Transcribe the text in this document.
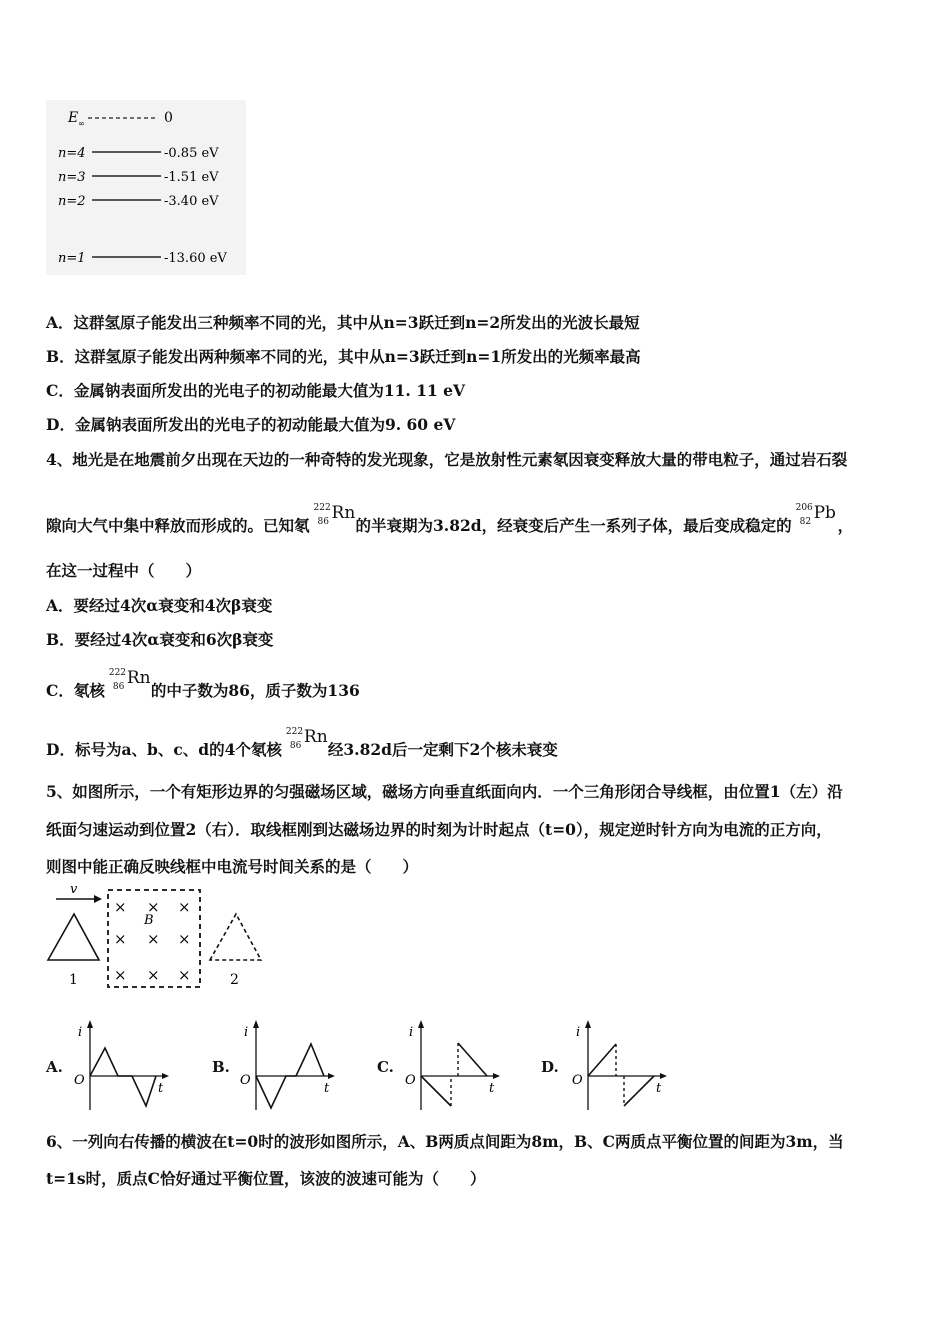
E ∞	0
n=4	-0.85 eV
n=3	-1.51 eV
n=2	-3.40 eV
n=1	-13.60 eV
A．这群氢原子能发出三种频率不同的光，其中从n=3跃迁到n=2所发出的光波长最短
B．这群氢原子能发出两种频率不同的光，其中从n=3跃迁到n=1所发出的光频率最高
C．金属钠表面所发出的光电子的初动能最大值为11. 11 eV
D．金属钠表面所发出的光电子的初动能最大值为9. 60 eV
4、地光是在地震前夕出现在天边的一种奇特的发光现象，它是放射性元素氡因衰变释放大量的带电粒子，通过岩石裂
隙向大气中集中释放而形成的。已知氡
222
86 Rn
的半衰期为3.82d，经衰变后产生一系列子体，最后变成稳定的
206
82 Pb
，
在这一过程中（　　）
A．要经过4次α衰变和4次β衰变
B．要经过4次α衰变和6次β衰变
C．氡核
222
86 Rn
的中子数为86，质子数为136
D．标号为a、b、c、d的4个氡核
222
86 Rn
经3.82d后一定剩下2个核未衰变
5、如图所示，一个有矩形边界的匀强磁场区域，磁场方向垂直纸面向内．一个三角形闭合导线框，由位置1（左）沿
纸面匀速运动到位置2（右）．取线框刚到达磁场边界的时刻为计时起点（t=0），规定逆时针方向为电流的正方向，
则图中能正确反映线框中电流号时间关系的是（　　）
v
1
B
× × ×
× × ×
× × ×	2
A.
i
O
t
B.
i
O
t
C.
i
O
t
D.
i
O
t
6、一列向右传播的横波在t=0时的波形如图所示，A、B两质点间距为8m，B、C两质点平衡位置的间距为3m，当
t=1s时，质点C恰好通过平衡位置，该波的波速可能为（　　）
